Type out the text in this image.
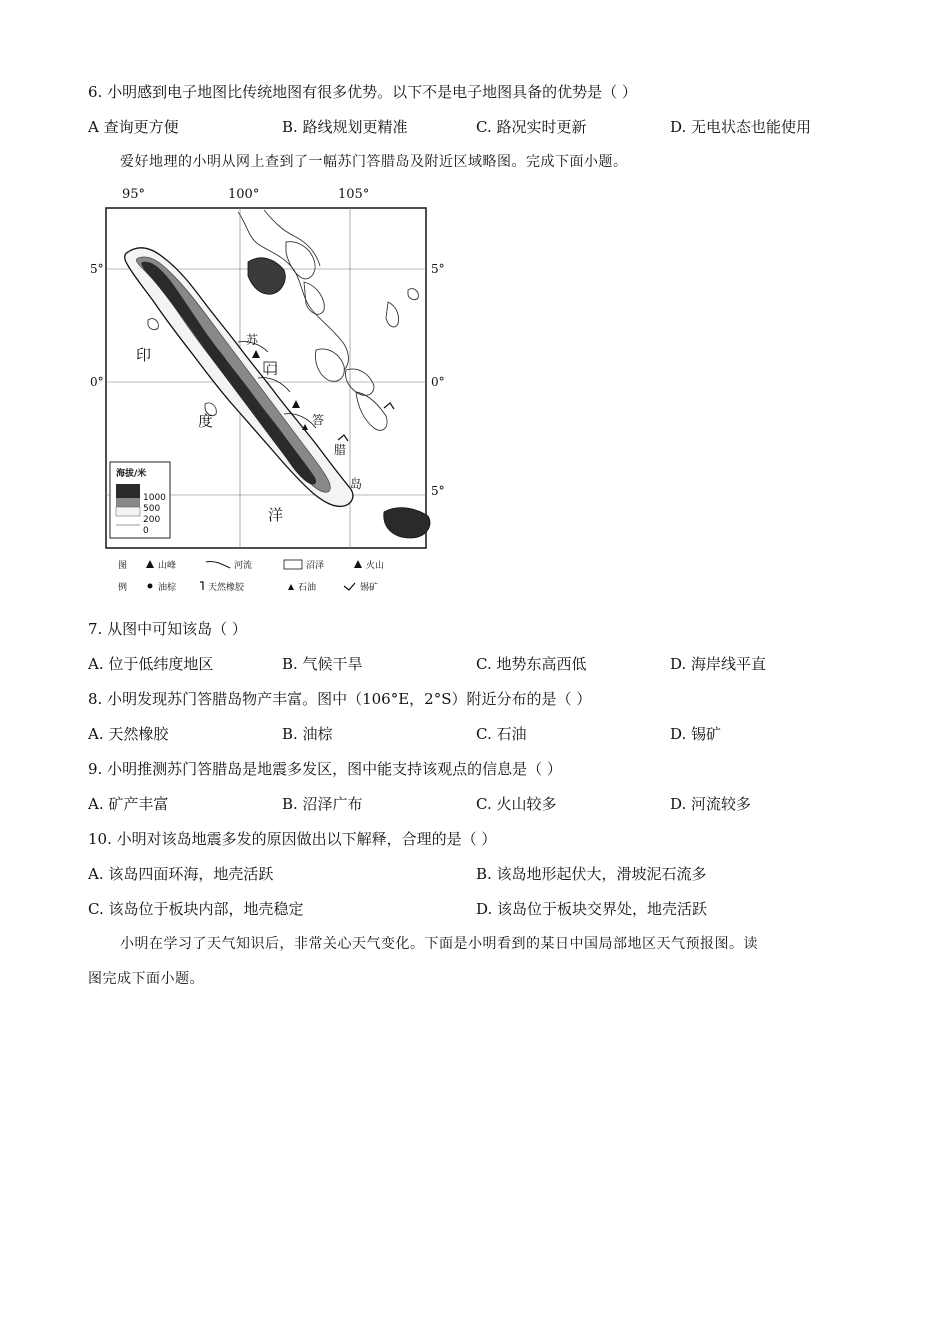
6. 小明感到电子地图比传统地图有很多优势。以下不是电子地图具备的优势是（ ）
A 查询更方便	B. 路线规划更精准	C. 路况实时更新	D. 无电状态也能使用
爱好地理的小明从网上查到了一幅苏门答腊岛及附近区域略图。完成下面小题。
95°	100°	105°
5°
0°
5°
0°
5°
印
度
洋
苏
门
答
腊
岛
海拔/米
1000
500
200
0
图	山峰	河流	沼泽	火山
例	油棕	天然橡胶	石油	锡矿
7. 从图中可知该岛（ ）
A. 位于低纬度地区	B. 气候干旱	C. 地势东高西低	D. 海岸线平直
8. 小明发现苏门答腊岛物产丰富。图中（106°E，2°S）附近分布的是（ ）
A. 天然橡胶	B. 油棕	C. 石油	D. 锡矿
9. 小明推测苏门答腊岛是地震多发区，图中能支持该观点的信息是（ ）
A. 矿产丰富	B. 沼泽广布	C. 火山较多	D. 河流较多
10. 小明对该岛地震多发的原因做出以下解释，合理的是（ ）
A. 该岛四面环海，地壳活跃	B. 该岛地形起伏大，滑坡泥石流多
C. 该岛位于板块内部，地壳稳定	D. 该岛位于板块交界处，地壳活跃
小明在学习了天气知识后，非常关心天气变化。下面是小明看到的某日中国局部地区天气预报图。读
图完成下面小题。
